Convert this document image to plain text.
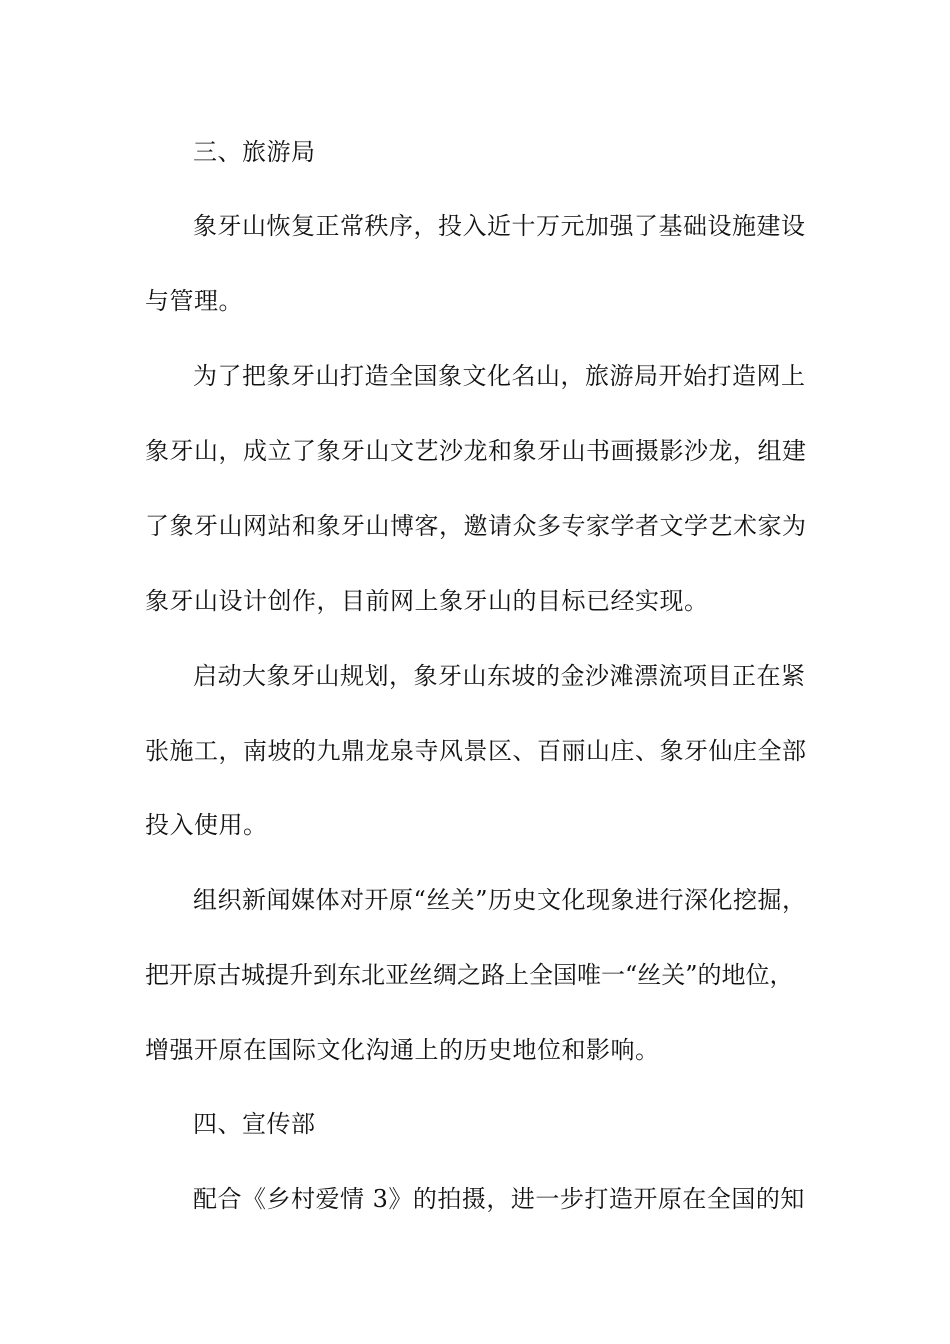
三、旅游局
象牙山恢复正常秩序，投入近十万元加强了基础设施建设
与管理。
为了把象牙山打造全国象文化名山，旅游局开始打造网上
象牙山，成立了象牙山文艺沙龙和象牙山书画摄影沙龙，组建
了象牙山网站和象牙山博客，邀请众多专家学者文学艺术家为
象牙山设计创作，目前网上象牙山的目标已经实现。
启动大象牙山规划，象牙山东坡的金沙滩漂流项目正在紧
张施工，南坡的九鼎龙泉寺风景区、百丽山庄、象牙仙庄全部
投入使用。
组织新闻媒体对开原“丝关”历史文化现象进行深化挖掘，
把开原古城提升到东北亚丝绸之路上全国唯一“丝关”的地位，
增强开原在国际文化沟通上的历史地位和影响。
四、宣传部
配合《乡村爱情 3》的拍摄，进一步打造开原在全国的知
